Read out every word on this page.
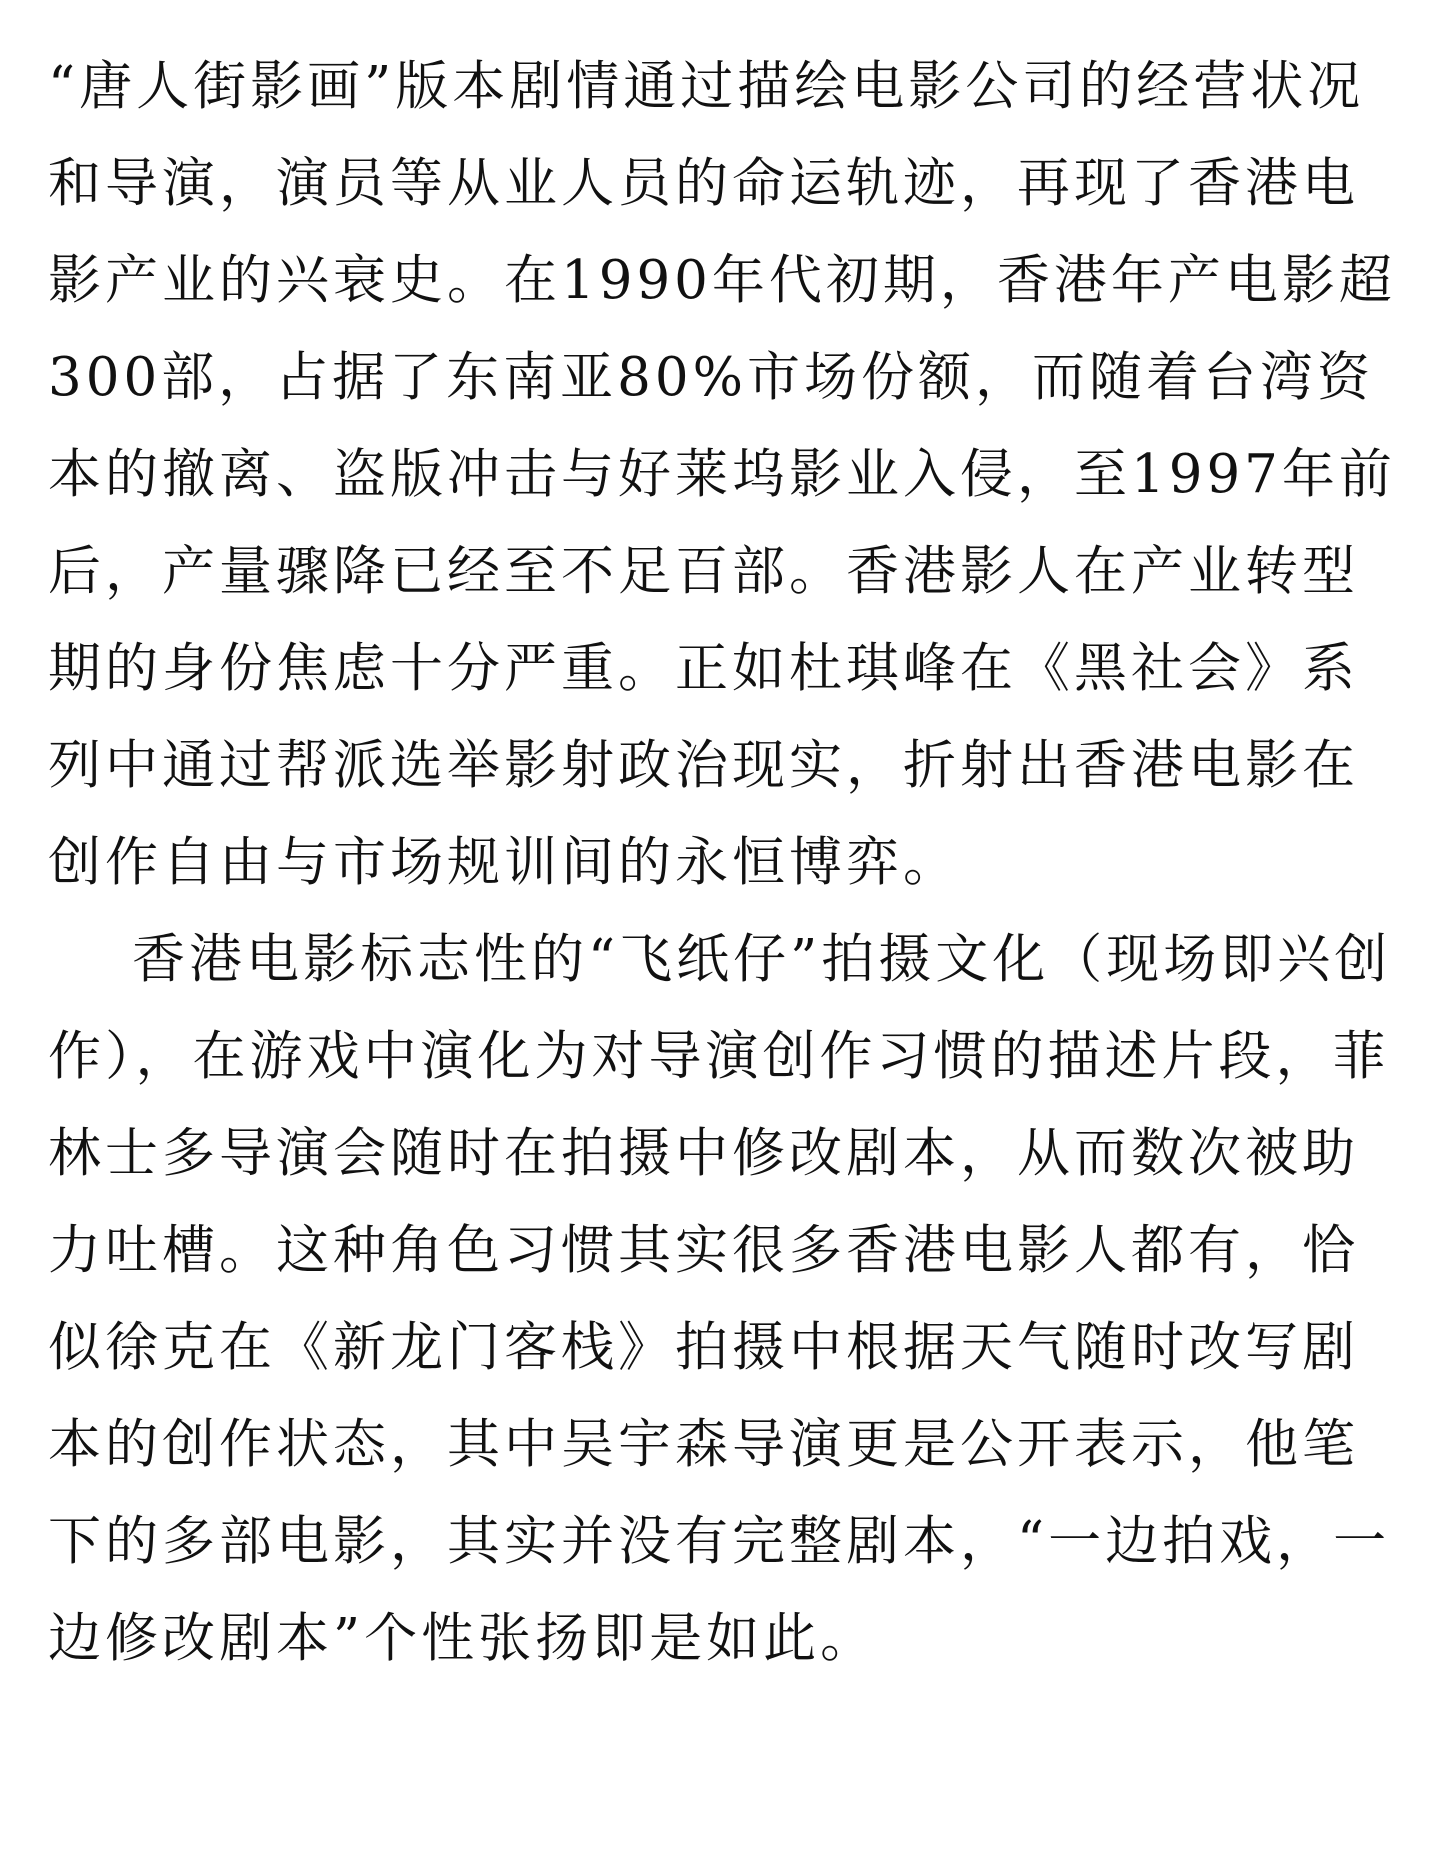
“唐人街影画”版本剧情通过描绘电影公司的经营状况和导演，演员等从业人员的命运轨迹，再现了香港电影产业的兴衰史。在1990年代初期，香港年产电影超300部，占据了东南亚80%市场份额，而随着台湾资本的撤离、盗版冲击与好莱坞影业入侵，至1997年前后，产量骤降已经至不足百部。香港影人在产业转型期的身份焦虑十分严重。正如杜琪峰在《黑社会》系列中通过帮派选举影射政治现实，折射出香港电影在创作自由与市场规训间的永恒博弈。

香港电影标志性的“飞纸仔”拍摄文化（现场即兴创作），在游戏中演化为对导演创作习惯的描述片段，菲林士多导演会随时在拍摄中修改剧本，从而数次被助力吐槽。这种角色习惯其实很多香港电影人都有，恰似徐克在《新龙门客栈》拍摄中根据天气随时改写剧本的创作状态，其中吴宇森导演更是公开表示，他笔下的多部电影，其实并没有完整剧本，“一边拍戏，一边修改剧本”个性张扬即是如此。
